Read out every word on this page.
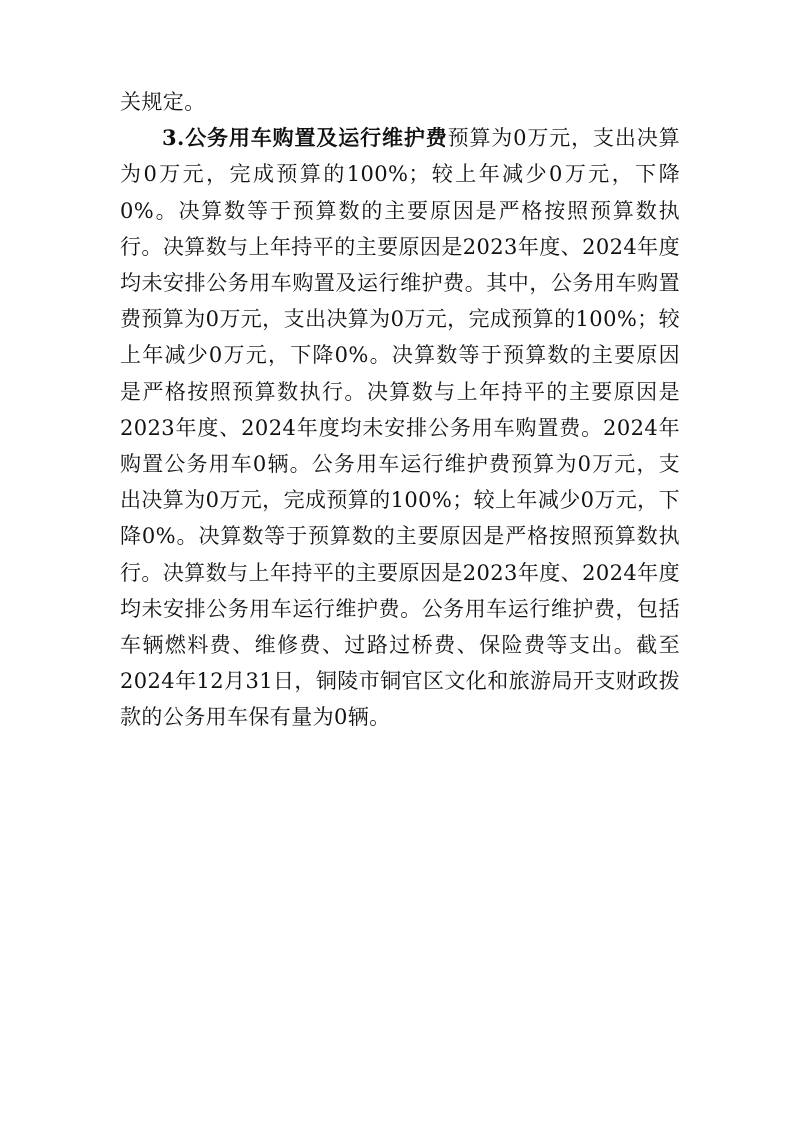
关规定。

3.公务用车购置及运行维护费预算为0万元，支出决算为0万元，完成预算的100%；较上年减少0万元，下降0%。决算数等于预算数的主要原因是严格按照预算数执行。决算数与上年持平的主要原因是2023年度、2024年度均未安排公务用车购置及运行维护费。其中，公务用车购置费预算为0万元，支出决算为0万元，完成预算的100%；较上年减少0万元，下降0%。决算数等于预算数的主要原因是严格按照预算数执行。决算数与上年持平的主要原因是2023年度、2024年度均未安排公务用车购置费。2024年购置公务用车0辆。公务用车运行维护费预算为0万元，支出决算为0万元，完成预算的100%；较上年减少0万元，下降0%。决算数等于预算数的主要原因是严格按照预算数执行。决算数与上年持平的主要原因是2023年度、2024年度均未安排公务用车运行维护费。公务用车运行维护费，包括车辆燃料费、维修费、过路过桥费、保险费等支出。截至2024年12月31日，铜陵市铜官区文化和旅游局开支财政拨款的公务用车保有量为0辆。
